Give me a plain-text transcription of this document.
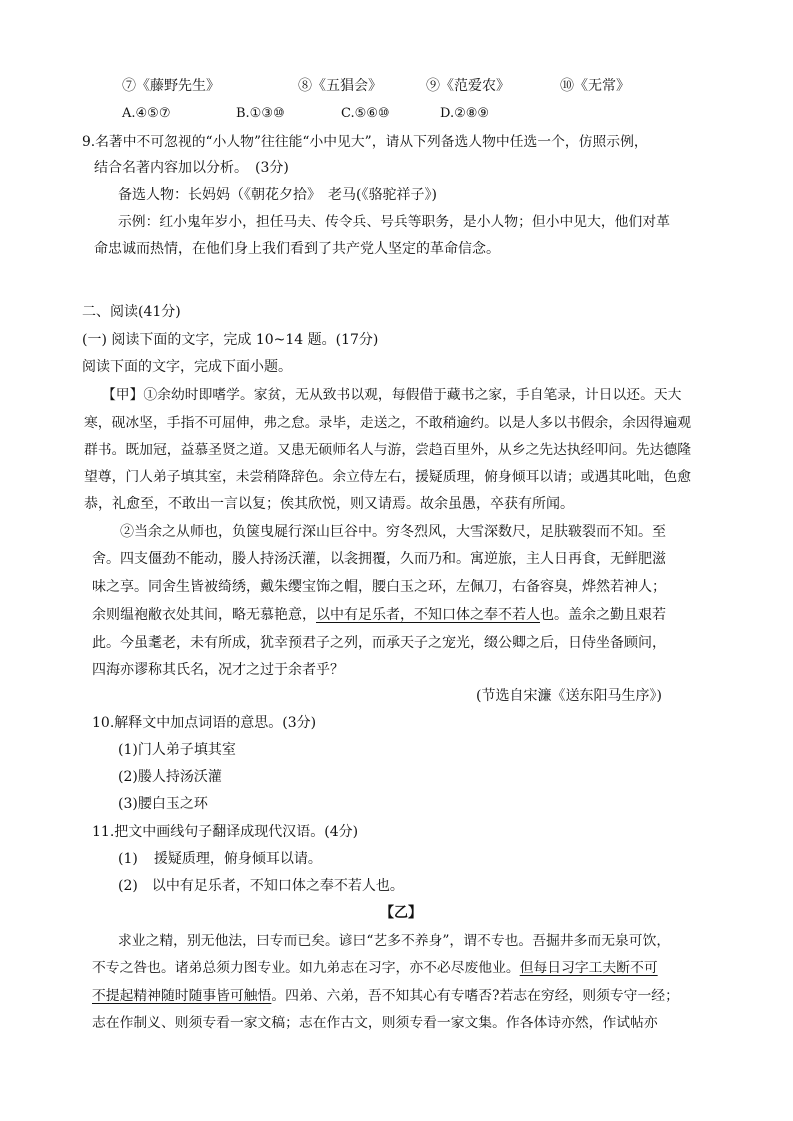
⑦《藤野先生》	⑧《五猖会》	⑨《范爱农》	⑩《无常》
A.④⑤⑦	B.①③⑩	C.⑤⑥⑩	D.②⑧⑨
9.名著中不可忽视的“小人物”往往能“小中见大”，请从下列备选人物中任选一个，仿照示例，
结合名著内容加以分析。　(3分)
备选人物：长妈妈（《朝花夕拾》　老马(《骆驼祥子》)
示例：红小鬼年岁小，担任马夫、传令兵、号兵等职务，是小人物；但小中见大，他们对革
命忠诚而热情，在他们身上我们看到了共产党人坚定的革命信念。
二、阅读(41分)
(一) 阅读下面的文字，完成 10~14 题。(17分)
阅读下面的文字，完成下面小题。
【甲】①余幼时即嗜学。家贫，无从致书以观，每假借于藏书之家，手自笔录，计日以还。天大
寒，砚冰坚，手指不可屈伸，弗之怠。录毕，走送之，不敢稍逾约。以是人多以书假余，余因得遍观
群书。既加冠，益慕圣贤之道。又患无硕师名人与游，尝趋百里外，从乡之先达执经叩问。先达德隆
望尊，门人弟子填其室，未尝稍降辞色。余立侍左右，援疑质理，俯身倾耳以请；或遇其叱咄，色愈
恭，礼愈至，不敢出一言以复；俟其欣悦，则又请焉。故余虽愚，卒获有所闻。
②当余之从师也，负箧曳屣行深山巨谷中。穷冬烈风，大雪深数尺，足肤皲裂而不知。至
舍。四支僵劲不能动，媵人持汤沃灌，以衾拥覆，久而乃和。寓逆旅，主人日再食，无鲜肥滋
味之享。同舍生皆被绮绣，戴朱缨宝饰之帽，腰白玉之环，左佩刀，右备容臭，烨然若神人；
余则缊袍敝衣处其间，略无慕艳意，以中有足乐者，不知口体之奉不若人也。盖余之勤且艰若
此。今虽耄老，未有所成，犹幸预君子之列，而承天子之宠光，缀公卿之后，日侍坐备顾问，
四海亦谬称其氏名，况才之过于余者乎？
(节选自宋濂《送东阳马生序》)
10.解释文中加点词语的意思。(3分)
(1)门人弟子填其室
(2)媵人持汤沃灌
(3)腰白玉之环
11.把文中画线句子翻译成现代汉语。(4分)
(1) 援疑质理，俯身倾耳以请。
(2) 以中有足乐者，不知口体之奉不若人也。
【乙】
求业之精，别无他法，曰专而已矣。谚曰“艺多不养身”，谓不专也。吾掘井多而无泉可饮，
不专之咎也。诸弟总须力图专业。如九弟志在习字，亦不必尽废他业。但每日习字工夫断不可
不提起精神随时随事皆可触悟。四弟、六弟，吾不知其心有专嗜否?若志在穷经，则须专守一经；
志在作制义、则须专看一家文稿；志在作古文，则须专看一家文集。作各体诗亦然，作试帖亦
